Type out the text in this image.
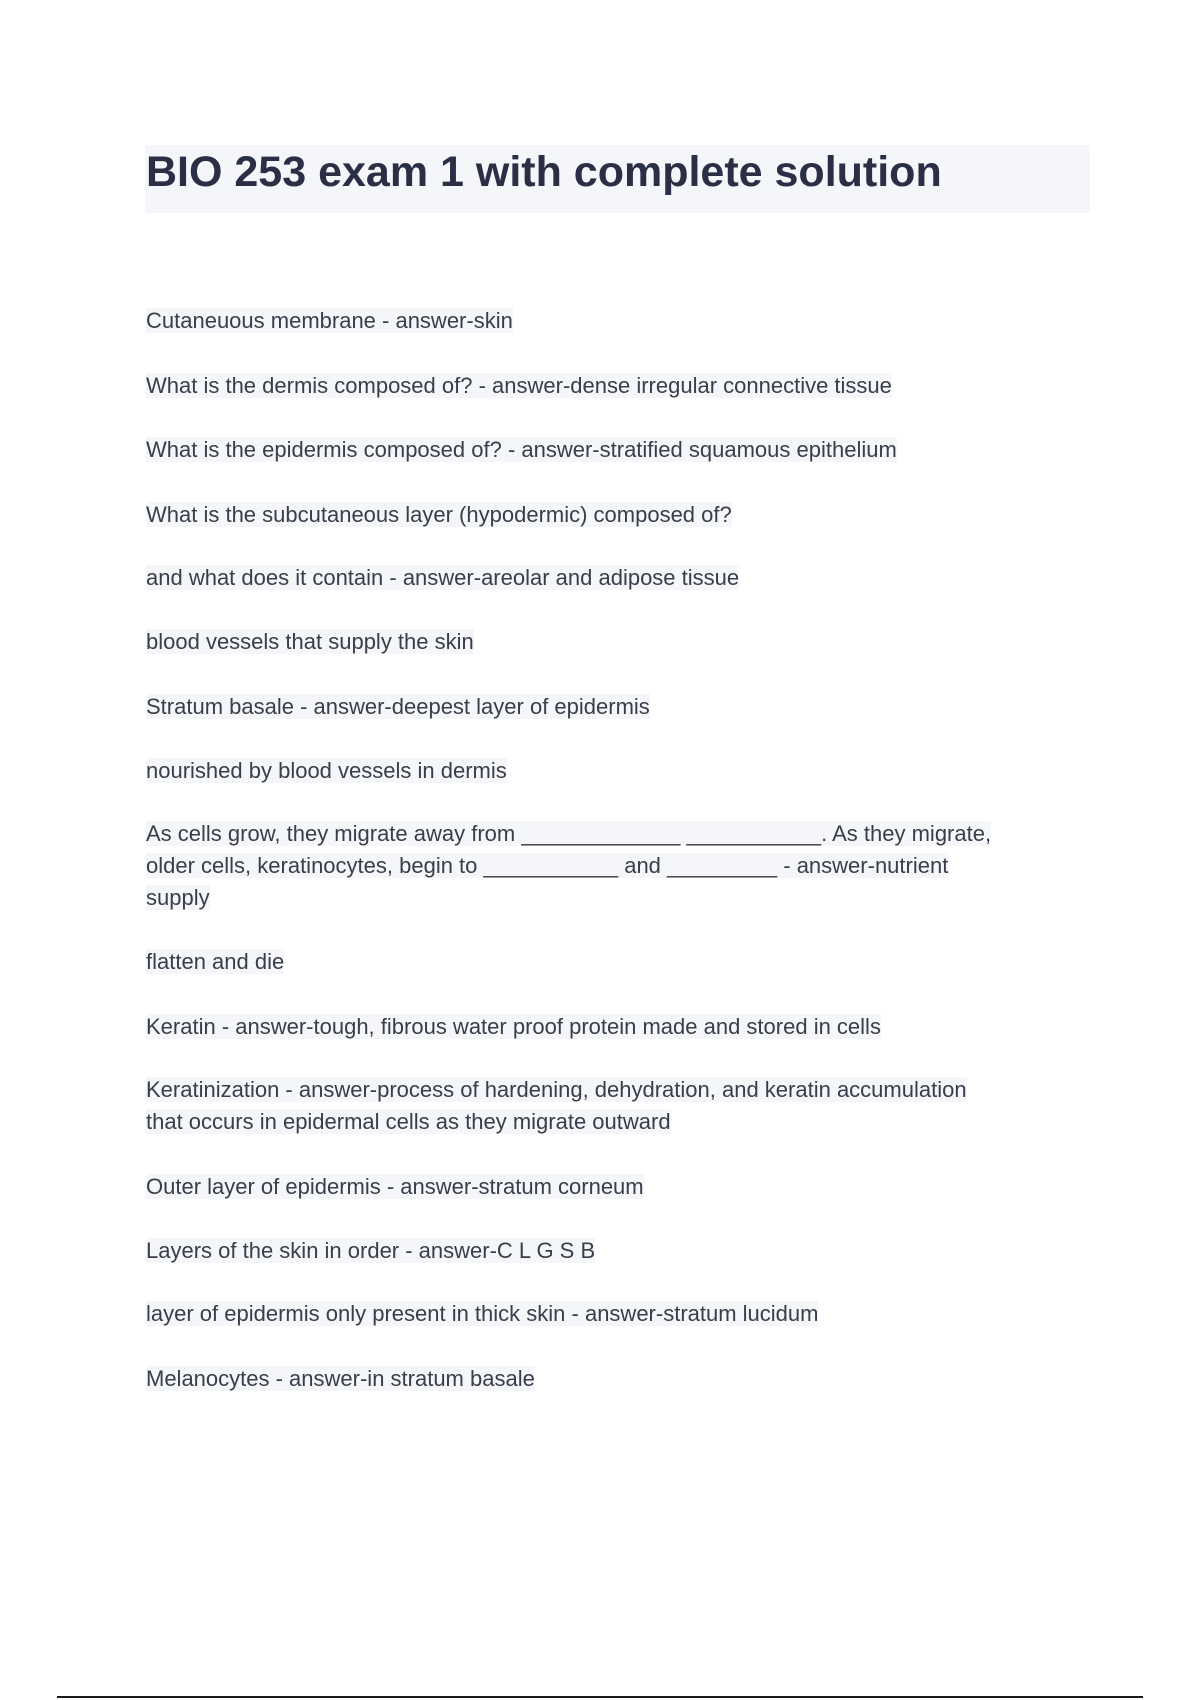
BIO 253 exam 1 with complete solution

Cutaneuous membrane - answer-skin

What is the dermis composed of? - answer-dense irregular connective tissue

What is the epidermis composed of? - answer-stratified squamous epithelium

What is the subcutaneous layer (hypodermic) composed of?

and what does it contain - answer-areolar and adipose tissue

blood vessels that supply the skin

Stratum basale - answer-deepest layer of epidermis

nourished by blood vessels in dermis

As cells grow, they migrate away from _____________ ___________. As they migrate,

older cells, keratinocytes, begin to ___________ and _________ - answer-nutrient

supply

flatten and die

Keratin - answer-tough, fibrous water proof protein made and stored in cells

Keratinization - answer-process of hardening, dehydration, and keratin accumulation

that occurs in epidermal cells as they migrate outward

Outer layer of epidermis - answer-stratum corneum

Layers of the skin in order - answer-C L G S B

layer of epidermis only present in thick skin - answer-stratum lucidum

Melanocytes - answer-in stratum basale
